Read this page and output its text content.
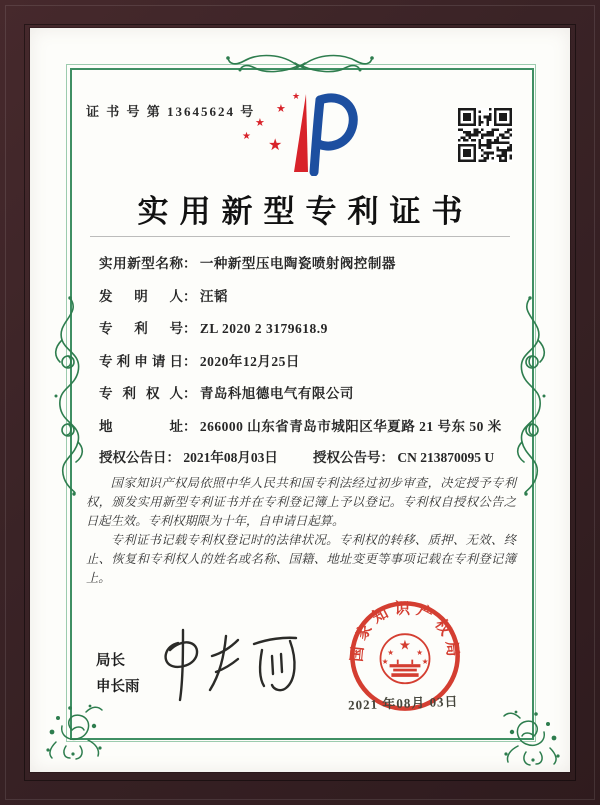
证 书 号 第 13645624 号
★
★
★
★
★
实用新型专利证书
实用新型名称： 一种新型压电陶瓷喷射阀控制器
发明人： 汪韬
专利号： ZL 2020 2 3179618.9
专利申请日： 2020年12月25日
专利权人： 青岛科旭德电气有限公司
地址： 266000 山东省青岛市城阳区华夏路 21 号东 50 米
授权公告日： 2021年08月03日	授权公告号： CN 213870095 U

国家知识产权局依照中华人民共和国专利法经过初步审查，决定授予专利权，颁发实用新型专利证书并在专利登记簿上予以登记。专利权自授权公告之日起生效。专利权期限为十年，自申请日起算。

专利证书记载专利权登记时的法律状况。专利权的转移、质押、无效、终止、恢复和专利权人的姓名或名称、国籍、地址变更等事项记载在专利登记簿上。

局长
申长雨
国家知识产权局
★
★	★
★	★
2021 年08月 03日
